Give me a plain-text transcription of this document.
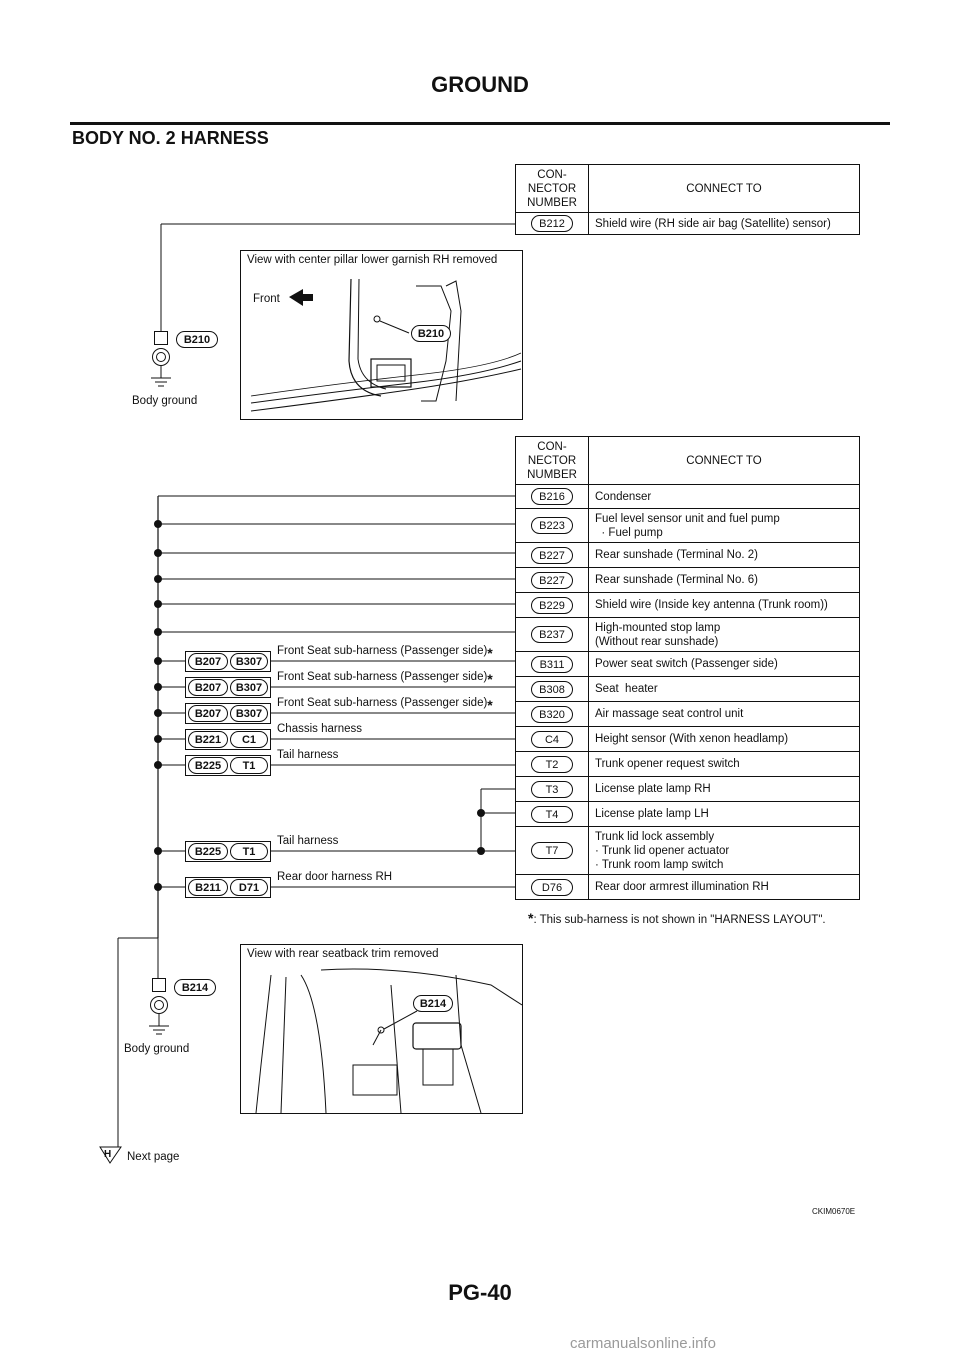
GROUND
BODY NO. 2 HARNESS
CON-
NECTOR
NUMBER	CONNECT TO

B212	Shield wire (RH side air bag (Satellite) sensor)
View with center pillar lower garnish RH removed
Front
B210
B210
Body ground
CON-
NECTOR
NUMBER	CONNECT TO

B216	Condenser

B223	Fuel level sensor unit and fuel pump
· Fuel pump

B227	Rear sunshade (Terminal No. 2)

B227	Rear sunshade (Terminal No. 6)

B229	Shield wire (Inside key antenna (Trunk room))

B237	High-mounted stop lamp
(Without rear sunshade)

B311	Power seat switch (Passenger side)

B308	Seat  heater

B320	Air massage seat control unit

C4	Height sensor (With xenon headlamp)

T2	Trunk opener request switch

T3	License plate lamp RH

T4	License plate lamp LH

T7	Trunk lid lock assembly
· Trunk lid opener actuator
· Trunk room lamp switch

D76	Rear door armrest illumination RH
B207	B307
Front Seat sub-harness (Passenger side)*
B207	B307
Front Seat sub-harness (Passenger side)*
B207	B307
Front Seat sub-harness (Passenger side)*
B221	C1
Chassis harness
B225	T1
Tail harness
B225	T1
Tail harness
B211	D71
Rear door harness RH
*: This sub-harness is not shown in "HARNESS LAYOUT".
View with rear seatback trim removed
B214
B214
Body ground
H Next page
CKIM0670E
PG-40
carmanualsonline.info
